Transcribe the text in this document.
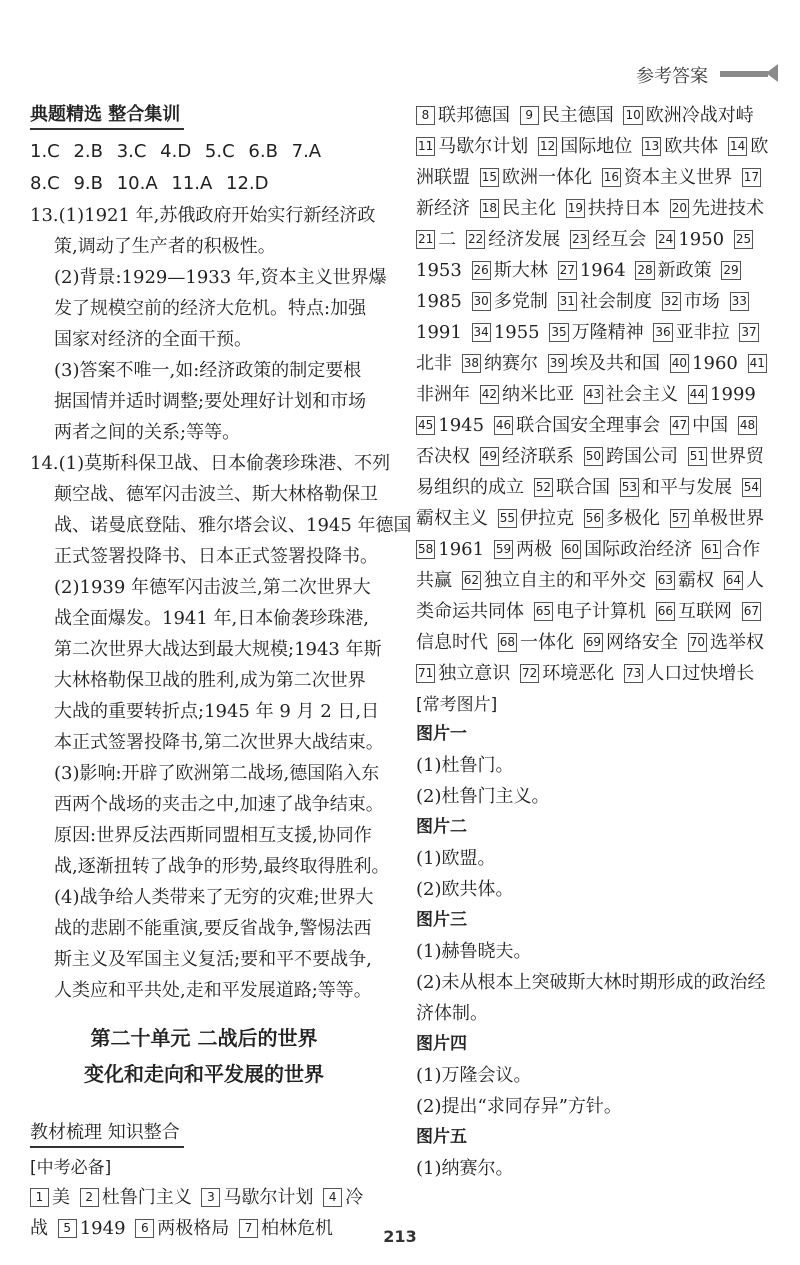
参考答案
典题精选 整合集训
1.C 2.B 3.C 4.D 5.C 6.B 7.A
8.C 9.B 10.A 11.A 12.D
13.(1)1921 年,苏俄政府开始实行新经济政
策,调动了生产者的积极性。
(2)背景:1929—1933 年,资本主义世界爆
发了规模空前的经济大危机。特点:加强
国家对经济的全面干预。
(3)答案不唯一,如:经济政策的制定要根
据国情并适时调整;要处理好计划和市场
两者之间的关系;等等。
14.(1)莫斯科保卫战、日本偷袭珍珠港、不列
颠空战、德军闪击波兰、斯大林格勒保卫
战、诺曼底登陆、雅尔塔会议、1945 年德国
正式签署投降书、日本正式签署投降书。
(2)1939 年德军闪击波兰,第二次世界大
战全面爆发。1941 年,日本偷袭珍珠港,
第二次世界大战达到最大规模;1943 年斯
大林格勒保卫战的胜利,成为第二次世界
大战的重要转折点;1945 年 9 月 2 日,日
本正式签署投降书,第二次世界大战结束。
(3)影响:开辟了欧洲第二战场,德国陷入东
西两个战场的夹击之中,加速了战争结束。
原因:世界反法西斯同盟相互支援,协同作
战,逐渐扭转了战争的形势,最终取得胜利。
(4)战争给人类带来了无穷的灾难;世界大
战的悲剧不能重演,要反省战争,警惕法西
斯主义及军国主义复活;要和平不要战争,
人类应和平共处,走和平发展道路;等等。
第二十单元 二战后的世界
变化和走向和平发展的世界
教材梳理 知识整合
[中考必备]
1 美 2 杜鲁门主义 3 马歇尔计划 4 冷战 5 1949 6 两极格局 7 柏林危机
8 联邦德国 9 民主德国 10 欧洲冷战对峙 11 马歇尔计划 12 国际地位 13 欧共体 14 欧洲联盟 15 欧洲一体化 16 资本主义世界 17新经济 18 民主化 19 扶持日本 20 先进技术 21 二 22 经济发展 23 经互会 24 1950 251953 26 斯大林 27 1964 28 新政策 291985 30 多党制 31 社会制度 32 市场 331991 34 1955 35 万隆精神 36 亚非拉 37北非 38 纳赛尔 39 埃及共和国 40 1960 41非洲年 42 纳米比亚 43 社会主义 44 1999 45 1945 46 联合国安全理事会 47 中国 48否决权 49 经济联系 50 跨国公司 51 世界贸易组织的成立 52 联合国 53 和平与发展 54霸权主义 55 伊拉克 56 多极化 57 单极世界 58 1961 59 两极 60 国际政治经济 61 合作共赢 62 独立自主的和平外交 63 霸权 64 人类命运共同体 65 电子计算机 66 互联网 67信息时代 68 一体化 69 网络安全 70 选举权 71 独立意识 72 环境恶化 73 人口过快增长
[常考图片]
图片一
(1)杜鲁门。
(2)杜鲁门主义。
图片二
(1)欧盟。
(2)欧共体。
图片三
(1)赫鲁晓夫。
(2)未从根本上突破斯大林时期形成的政治经
济体制。
图片四
(1)万隆会议。
(2)提出“求同存异”方针。
图片五
(1)纳赛尔。
213
